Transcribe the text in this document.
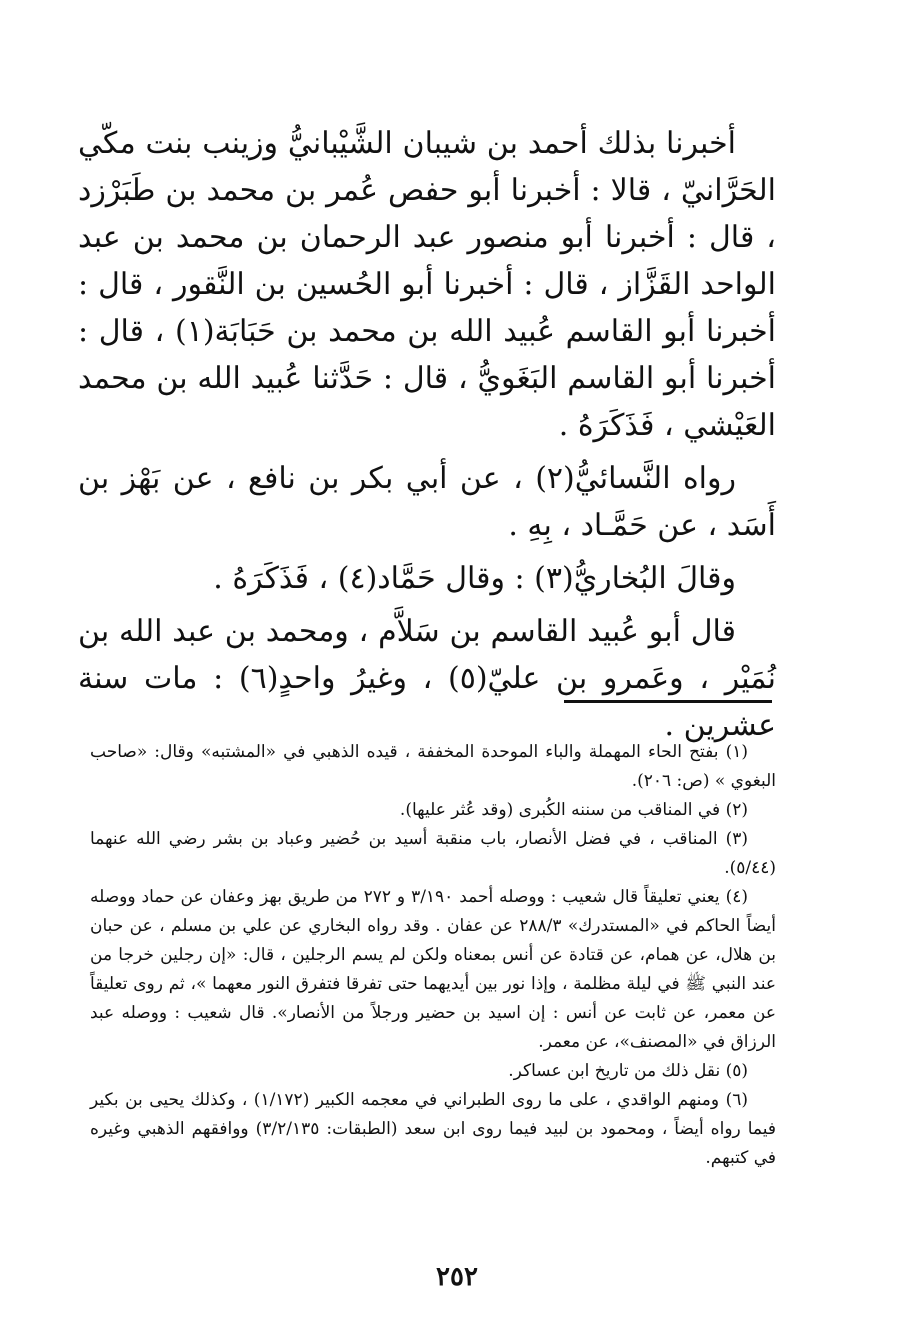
أخبرنا بذلك أحمد بن شيبان الشَّيْبانيُّ وزينب بنت مكّي الحَرَّانيّ ، قالا : أخبرنا أبو حفص عُمر بن محمد بن طَبَرْزد ، قال : أخبرنا أبو منصور عبد الرحمان بن محمد بن عبد الواحد القَزَّاز ، قال : أخبرنا أبو الحُسين بن النَّقور ، قال : أخبرنا أبو القاسم عُبيد الله بن محمد بن حَبَابَة(١) ، قال : أخبرنا أبو القاسم البَغَويُّ ، قال : حَدَّثنا عُبيد الله بن محمد العَيْشي ، فَذَكَرَهُ .

رواه النَّسائيُّ(٢) ، عن أبي بكر بن نافع ، عن بَهْز بن أَسَد ، عن حَمَّـاد ، بِهِ .

وقالَ البُخاريُّ(٣) : وقال حَمَّاد(٤) ، فَذَكَرَهُ .

قال أبو عُبيد القاسم بن سَلاَّم ، ومحمد بن عبد الله بن نُمَيْر ، وعَمرو بن عليّ(٥) ، وغيرُ واحدٍ(٦) : مات سنة عشرين .

(١) بفتح الحاء المهملة والباء الموحدة المخففة ، قيده الذهبي في «المشتبه» وقال: «صاحب البغوي » (ص: ٢٠٦).

(٢) في المناقب من سننه الكُبرى (وقد عُثر عليها).

(٣) المناقب ، في فضل الأنصار، باب منقبة أسيد بن حُضير وعباد بن بشر رضي الله عنهما (٥/٤٤).

(٤) يعني تعليقاً قال شعيب : ووصله أحمد ٣/١٩٠ و ٢٧٢ من طريق بهز وعفان عن حماد ووصله أيضاً الحاكم في «المستدرك» ٢٨٨/٣ عن عفان . وقد رواه البخاري عن علي بن مسلم ، عن حبان بن هلال، عن همام، عن قتادة عن أنس بمعناه ولكن لم يسم الرجلين ، قال: «إن رجلين خرجا من عند النبي ﷺ في ليلة مظلمة ، وإذا نور بين أيديهما حتى تفرقا فتفرق النور معهما »، ثم روى تعليقاً عن معمر، عن ثابت عن أنس : إن اسيد بن حضير ورجلاً من الأنصار». قال شعيب : ووصله عبد الرزاق في «المصنف»، عن معمر.

(٥) نقل ذلك من تاريخ ابن عساكر.

(٦) ومنهم الواقدي ، على ما روى الطبراني في معجمه الكبير (١/١٧٢) ، وكذلك يحيى بن بكير فيما رواه أيضاً ، ومحمود بن لبيد فيما روى ابن سعد (الطبقات: ٣/٢/١٣٥) ووافقهم الذهبي وغيره في كتبهم.

٢٥٢
